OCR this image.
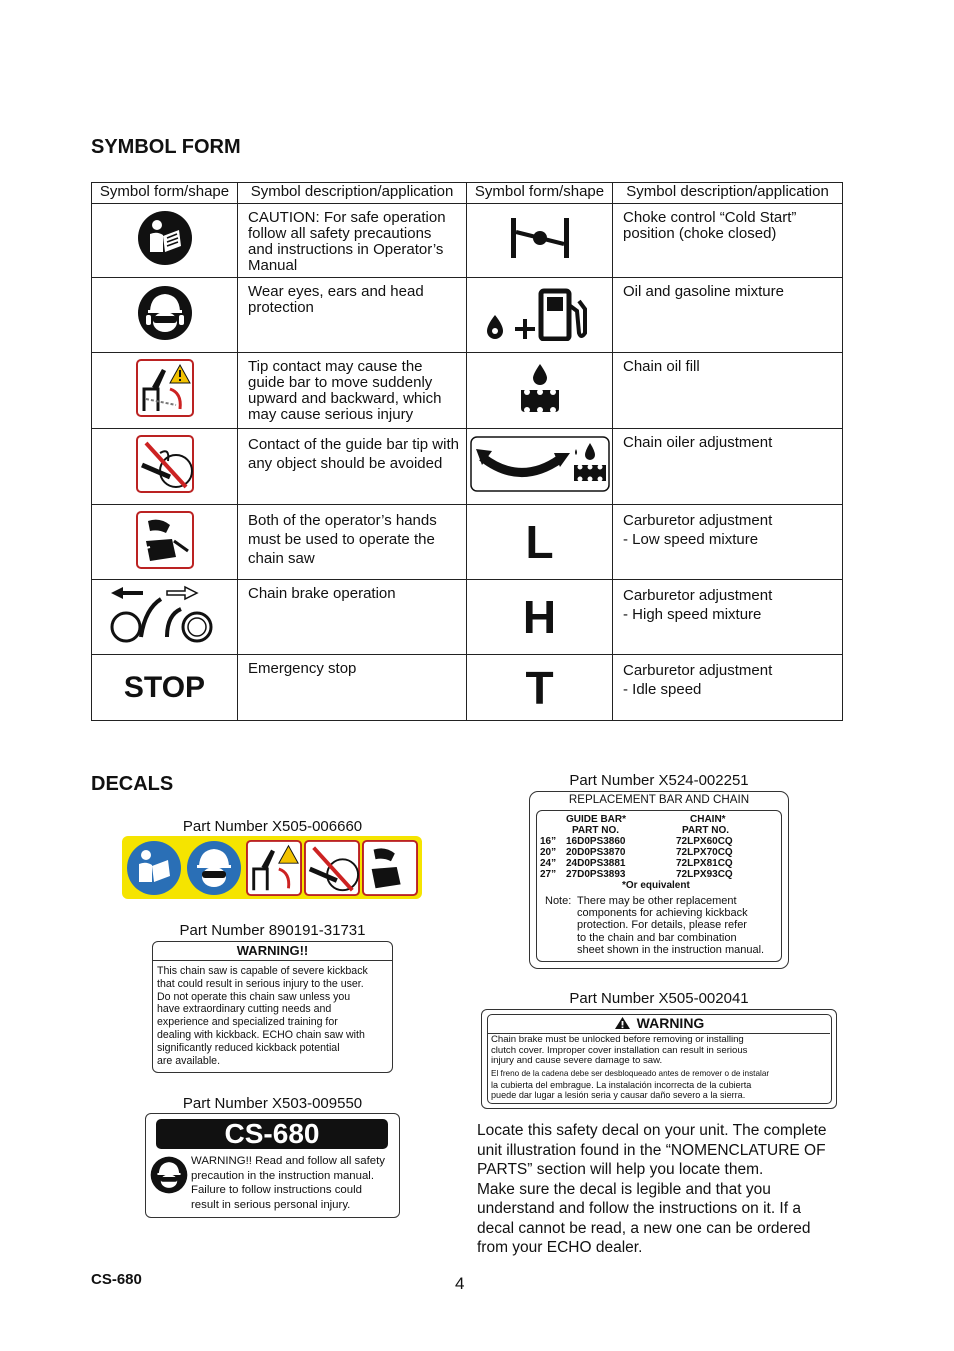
SYMBOL FORM
Symbol form/shape	Symbol description/application	Symbol form/shape	Symbol description/application
	CAUTION: For safe operation follow all safety precautions and instructions in Operator’s Manual		Choke control “Cold Start” position (choke closed)
	Wear eyes, ears and head protection		Oil and gasoline mixture
	Tip contact may cause the guide bar to move suddenly upward and backward, which may cause serious injury		Chain oil fill
	Contact of the guide bar tip with any object should be avoided		Chain oiler adjustment
	Both of the operator’s hands must be used to operate the chain saw	L	Carburetor adjustment
- Low speed mixture

	Chain brake operation	H	Carburetor adjustment
- High speed mixture

STOP	Emergency stop	T	Carburetor adjustment
- Idle speed
DECALS
Part Number X505-006660
Part Number 890191-31731
WARNING!!
This chain saw is capable of severe kickback
that could result in serious injury to the user.
Do not operate this chain saw unless you
have extraordinary cutting needs and
experience and specialized training for
dealing with kickback. ECHO chain saw with
significantly reduced kickback potential
are available.
Part Number X503-009550
CS-680
WARNING!! Read and follow all safety
precaution in the instruction manual.
Failure to follow instructions could
result in serious personal injury.
Part Number X524-002251
REPLACEMENT BAR AND CHAIN
GUIDE BAR*	CHAIN*
PART NO.	PART NO.
16” 16D0PS3860	72LPX60CQ
20” 20D0PS3870	72LPX70CQ
24” 24D0PS3881	72LPX81CQ
27” 27D0PS3893	72LPX93CQ
*Or equivalent
Note: There may be other replacement
components for achieving kickback
protection. For details, please refer
to the chain and bar combination
sheet shown in the instruction manual.
Part Number X505-002041
WARNING
Chain brake must be unlocked before removing or installing
clutch cover. Improper cover installation can result in serious
injury and cause severe damage to saw.
El freno de la cadena debe ser desbloqueado antes de remover o de instalar
la cubierta del embrague. La instalación incorrecta de la cubierta
puede dar lugar a lesión seria y causar daño severo a la sierra.
Locate this safety decal on your unit. The complete
unit illustration found in the “NOMENCLATURE OF
PARTS” section will help you locate them.
Make sure the decal is legible and that you
understand and follow the instructions on it. If a
decal cannot be read, a new one can be ordered
from your ECHO dealer.
CS-680	4
